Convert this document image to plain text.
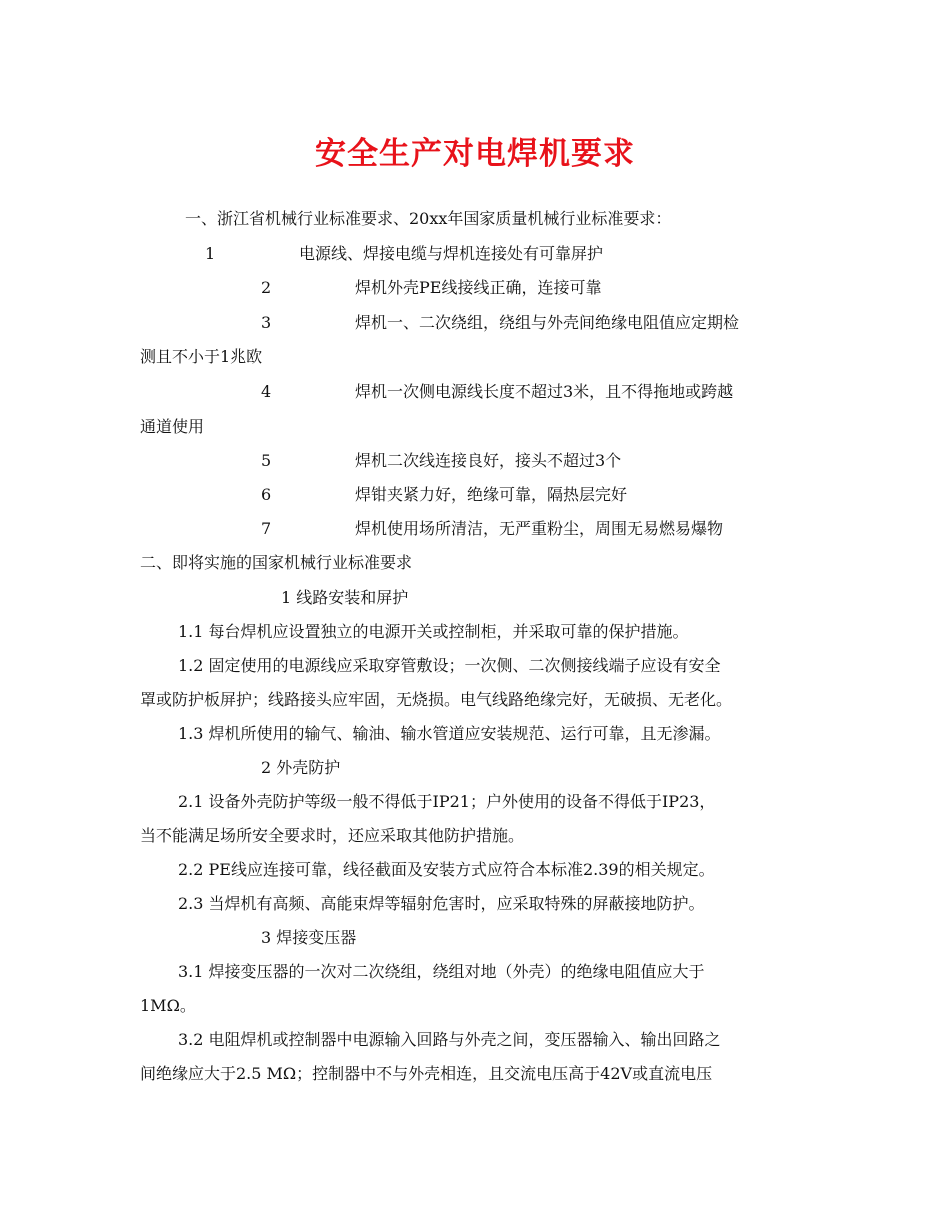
安全生产对电焊机要求
一、浙江省机械行业标准要求、20xx年国家质量机械行业标准要求：
1	电源线、焊接电缆与焊机连接处有可靠屏护
2	焊机外壳PE线接线正确，连接可靠
3	焊机一、二次绕组，绕组与外壳间绝缘电阻值应定期检
测且不小于1兆欧
4	焊机一次侧电源线长度不超过3米，且不得拖地或跨越
通道使用
5	焊机二次线连接良好，接头不超过3个
6	焊钳夹紧力好，绝缘可靠，隔热层完好
7	焊机使用场所清洁，无严重粉尘，周围无易燃易爆物
二、即将实施的国家机械行业标准要求
1 线路安装和屏护
1.1 每台焊机应设置独立的电源开关或控制柜，并采取可靠的保护措施。
1.2 固定使用的电源线应采取穿管敷设；一次侧、二次侧接线端子应设有安全
罩或防护板屏护；线路接头应牢固，无烧损。电气线路绝缘完好，无破损、无老化。
1.3 焊机所使用的输气、输油、输水管道应安装规范、运行可靠，且无渗漏。
2 外壳防护
2.1 设备外壳防护等级一般不得低于IP21；户外使用的设备不得低于IP23，
当不能满足场所安全要求时，还应采取其他防护措施。
2.2 PE线应连接可靠，线径截面及安装方式应符合本标准2.39的相关规定。
2.3 当焊机有高频、高能束焊等辐射危害时，应采取特殊的屏蔽接地防护。
3 焊接变压器
3.1 焊接变压器的一次对二次绕组，绕组对地（外壳）的绝缘电阻值应大于
1MΩ。
3.2 电阻焊机或控制器中电源输入回路与外壳之间，变压器输入、输出回路之
间绝缘应大于2.5 MΩ；控制器中不与外壳相连，且交流电压高于42V或直流电压
